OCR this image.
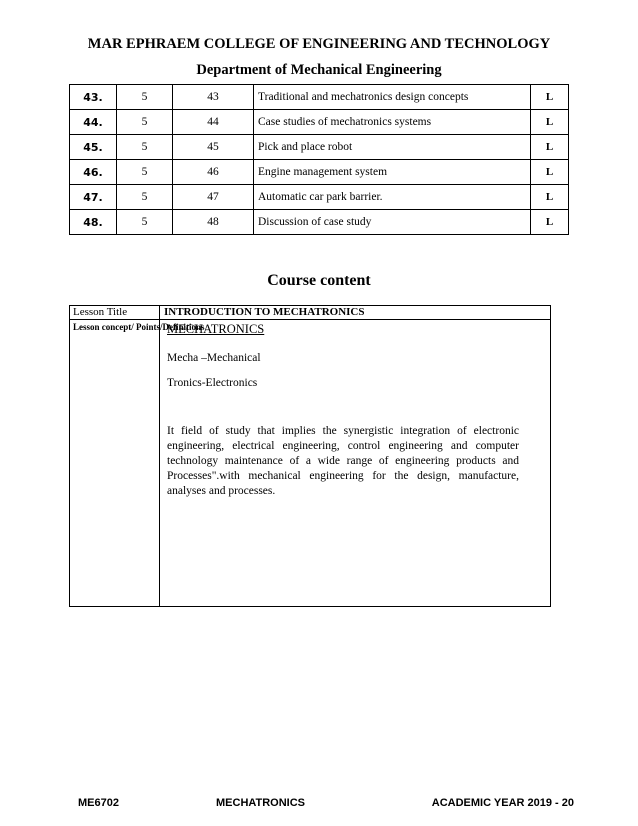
MAR EPHRAEM COLLEGE OF ENGINEERING AND TECHNOLOGY
Department of Mechanical Engineering
43.	5	43	Traditional and mechatronics design concepts	L
44.	5	44	Case studies of mechatronics systems	L
45.	5	45	Pick and place robot	L
46.	5	46	Engine management system	L
47.	5	47	Automatic car park barrier.	L
48.	5	48	Discussion of case study	L
Course content
Lesson Title	INTRODUCTION TO MECHATRONICS
Lesson concept/ Points/Definitions
MECHATRONICS
Mecha –Mechanical
Tronics-Electronics
It field of study that implies the synergistic integration of electronic engineering, electrical engineering, control engineering and computer technology maintenance of a wide range of engineering products and Processes".with mechanical engineering for the design, manufacture, analyses and processes.
ME6702	MECHATRONICS	ACADEMIC YEAR 2019 - 20
